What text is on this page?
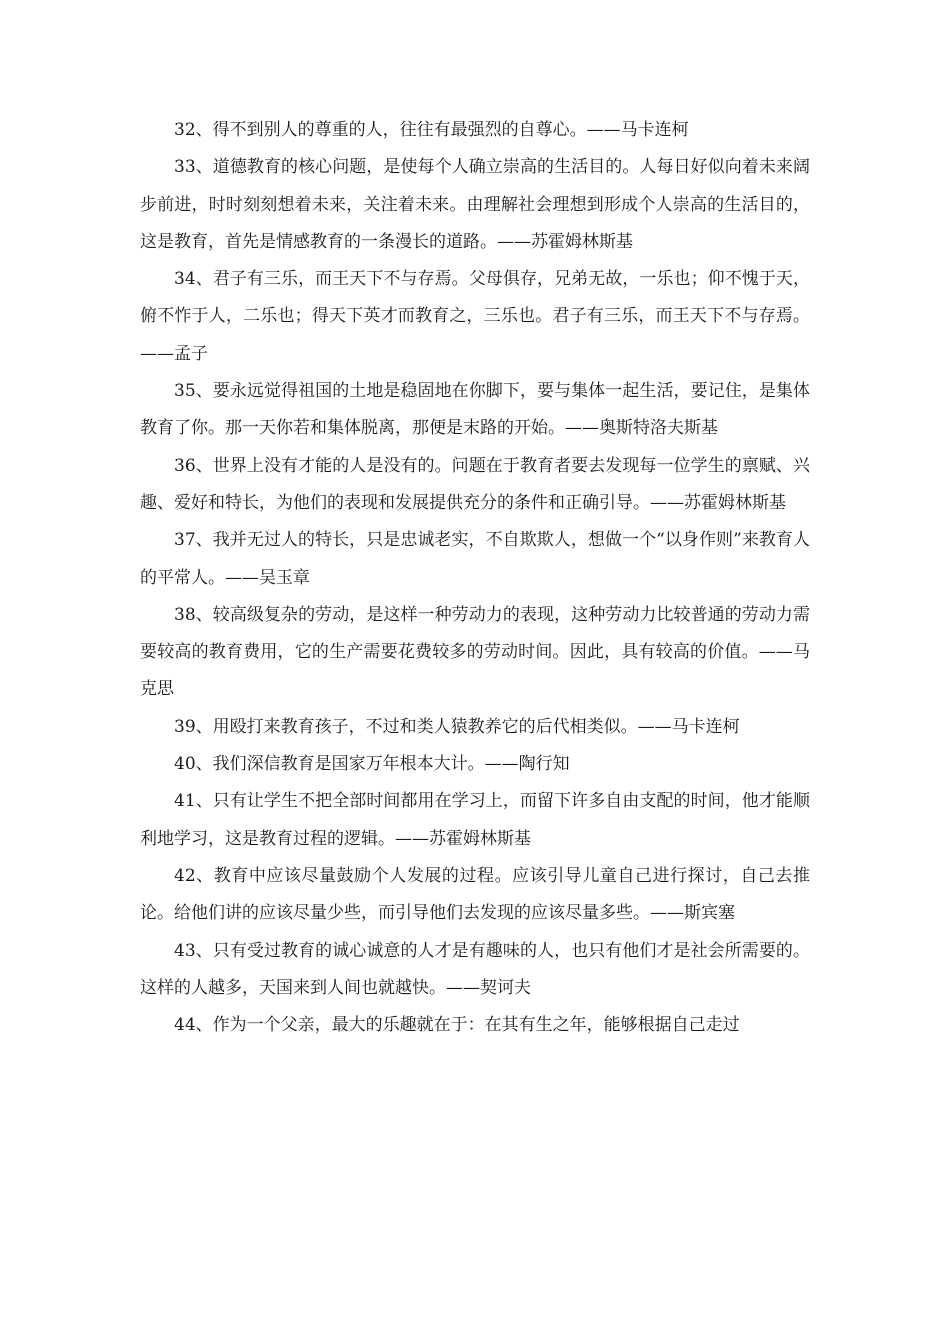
32、得不到别人的尊重的人，往往有最强烈的自尊心。——马卡连柯

33、道德教育的核心问题，是使每个人确立崇高的生活目的。人每日好似向着未来阔步前进，时时刻刻想着未来，关注着未来。由理解社会理想到形成个人崇高的生活目的，这是教育，首先是情感教育的一条漫长的道路。——苏霍姆林斯基

34、君子有三乐，而王天下不与存焉。父母俱存，兄弟无故，一乐也；仰不愧于天，俯不怍于人，二乐也；得天下英才而教育之，三乐也。君子有三乐，而王天下不与存焉。——孟子

35、要永远觉得祖国的土地是稳固地在你脚下，要与集体一起生活，要记住，是集体教育了你。那一天你若和集体脱离，那便是末路的开始。——奥斯特洛夫斯基

36、世界上没有才能的人是没有的。问题在于教育者要去发现每一位学生的禀赋、兴趣、爱好和特长，为他们的表现和发展提供充分的条件和正确引导。——苏霍姆林斯基

37、我并无过人的特长，只是忠诚老实，不自欺欺人，想做一个“以身作则”来教育人的平常人。——吴玉章

38、较高级复杂的劳动，是这样一种劳动力的表现，这种劳动力比较普通的劳动力需要较高的教育费用，它的生产需要花费较多的劳动时间。因此，具有较高的价值。——马克思

39、用殴打来教育孩子，不过和类人猿教养它的后代相类似。——马卡连柯

40、我们深信教育是国家万年根本大计。——陶行知

41、只有让学生不把全部时间都用在学习上，而留下许多自由支配的时间，他才能顺利地学习，这是教育过程的逻辑。——苏霍姆林斯基

42、教育中应该尽量鼓励个人发展的过程。应该引导儿童自己进行探讨，自己去推论。给他们讲的应该尽量少些，而引导他们去发现的应该尽量多些。——斯宾塞

43、只有受过教育的诚心诚意的人才是有趣味的人，也只有他们才是社会所需要的。这样的人越多，天国来到人间也就越快。——契诃夫

44、作为一个父亲，最大的乐趣就在于：在其有生之年，能够根据自己走过
